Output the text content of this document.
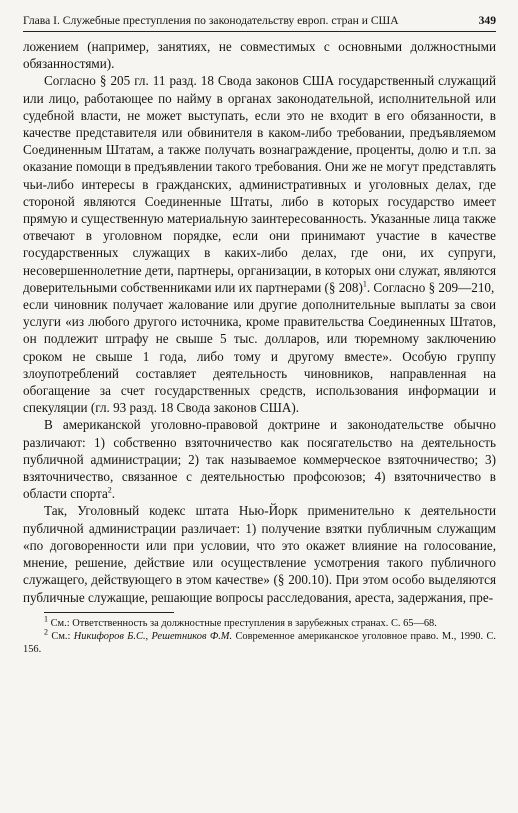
Глава I. Служебные преступления по законодательству европ. стран и США	349

ложением (например, занятиях, не совместимых с основными должностными обязанностями).

Согласно § 205 гл. 11 разд. 18 Свода законов США государственный служащий или лицо, работающее по найму в органах законодательной, исполнительной или судебной власти, не может выступать, если это не входит в его обязанности, в качестве представителя или обвинителя в каком-либо требовании, предъявляемом Соединенным Штатам, а также получать вознаграждение, проценты, долю и т.п. за оказание помощи в предъявлении такого требования. Они же не могут представлять чьи-либо интересы в гражданских, административных и уголовных делах, где стороной являются Соединенные Штаты, либо в которых государство имеет прямую и существенную материальную заинтересованность. Указанные лица также отвечают в уголовном порядке, если они принимают участие в качестве государственных служащих в каких-либо делах, где они, их супруги, несовершеннолетние дети, партнеры, организации, в которых они служат, являются доверительными собственниками или их партнерами (§ 208)$^1$. Согласно § 209—210,

если чиновник получает жалование или другие дополнительные выплаты за свои услуги «из любого другого источника, кроме правительства Соединенных Штатов, он подлежит штрафу не свыше 5 тыс. долларов, или тюремному заключению сроком не свыше 1 года, либо тому и другому вместе». Особую группу злоупотреблений составляет деятельность чиновников, направленная на обогащение за счет государственных средств, использования информации и спекуляции (гл. 93 разд. 18 Свода законов США).

В американской уголовно-правовой доктрине и законодательстве обычно различают: 1) собственно взяточничество как посягательство на деятельность публичной администрации; 2) так называемое коммерческое взяточничество; 3) взяточничество, связанное с деятельностью профсоюзов; 4) взяточничество в области спорта$^2$.

Так, Уголовный кодекс штата Нью-Йорк применительно к деятельности публичной администрации различает: 1) получение взятки публичным служащим «по договоренности или при условии, что это окажет влияние на голосование, мнение, решение, действие или осуществление усмотрения такого публичного служащего, действующего в этом качестве» (§ 200.10). При этом особо выделяются публичные служащие, решающие вопросы расследования, ареста, задержания, пре-

$^1$ См.: Ответственность за должностные преступления в зарубежных странах. С. 65—68.

$^2$ См.: Никифоров Б.С., Решетников Ф.М. Современное американское уголовное право. М., 1990. С. 156.
